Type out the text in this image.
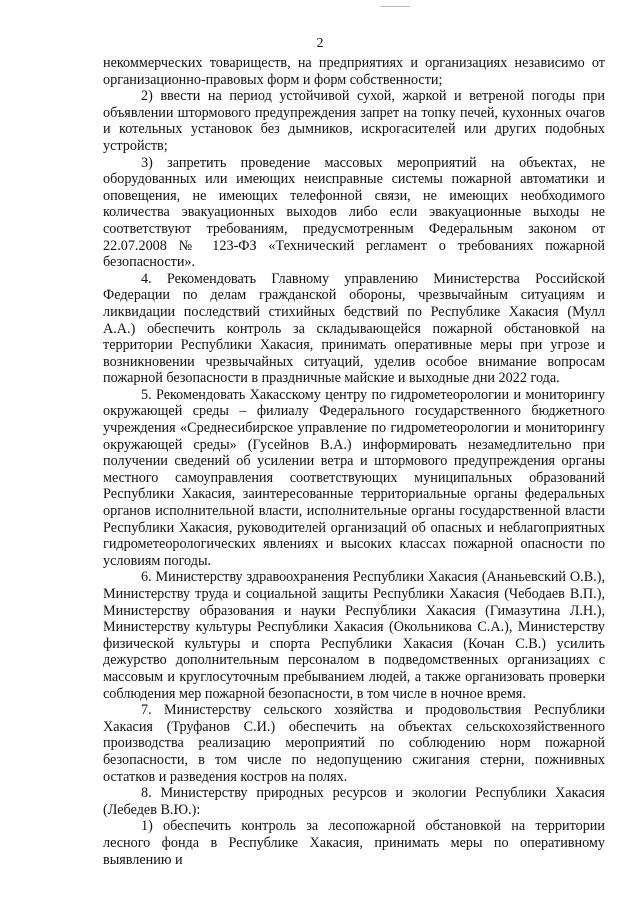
2

некоммерческих товариществ, на предприятиях и организациях независимо от организационно-правовых форм и форм собственности;

2) ввести на период устойчивой сухой, жаркой и ветреной погоды при объявлении штормового предупреждения запрет на топку печей, кухонных очагов и котельных установок без дымников, искрогасителей или других подобных устройств;

3) запретить проведение массовых мероприятий на объектах, не оборудованных или имеющих неисправные системы пожарной автоматики и оповещения, не имеющих телефонной связи, не имеющих необходимого количества эвакуационных выходов либо если эвакуационные выходы не соответствуют требованиям, предусмотренным Федеральным законом от 22.07.2008 № 123-ФЗ «Технический регламент о требованиях пожарной безопасности».

4. Рекомендовать Главному управлению Министерства Российской Федерации по делам гражданской обороны, чрезвычайным ситуациям и ликвидации последствий стихийных бедствий по Республике Хакасия (Мулл А.А.) обеспечить контроль за складывающейся пожарной обстановкой на территории Республики Хакасия, принимать оперативные меры при угрозе и возникновении чрезвычайных ситуаций, уделив особое внимание вопросам пожарной безопасности в праздничные майские и выходные дни 2022 года.

5. Рекомендовать Хакасскому центру по гидрометеорологии и мониторингу окружающей среды – филиалу Федерального государственного бюджетного учреждения «Среднесибирское управление по гидрометеорологии и мониторингу окружающей среды» (Гусейнов В.А.) информировать незамедлительно при получении сведений об усилении ветра и штормового предупреждения органы местного самоуправления соответствующих муниципальных образований Республики Хакасия, заинтересованные территориальные органы федеральных органов исполнительной власти, исполнительные органы государственной власти Республики Хакасия, руководителей организаций об опасных и неблагоприятных гидрометеорологических явлениях и высоких классах пожарной опасности по условиям погоды.

6. Министерству здравоохранения Республики Хакасия (Ананьевский О.В.), Министерству труда и социальной защиты Республики Хакасия (Чебодаев В.П.), Министерству образования и науки Республики Хакасия (Гимазутина Л.Н.), Министерству культуры Республики Хакасия (Окольникова С.А.), Министерству физической культуры и спорта Республики Хакасия (Кочан С.В.) усилить дежурство дополнительным персоналом в подведомственных организациях с массовым и круглосуточным пребыванием людей, а также организовать проверки соблюдения мер пожарной безопасности, в том числе в ночное время.

7. Министерству сельского хозяйства и продовольствия Республики Хакасия (Труфанов С.И.) обеспечить на объектах сельскохозяйственного производства реализацию мероприятий по соблюдению норм пожарной безопасности, в том числе по недопущению сжигания стерни, пожнивных остатков и разведения костров на полях.

8. Министерству природных ресурсов и экологии Республики Хакасия (Лебедев В.Ю.):

1) обеспечить контроль за лесопожарной обстановкой на территории лесного фонда в Республике Хакасия, принимать меры по оперативному выявлению и
